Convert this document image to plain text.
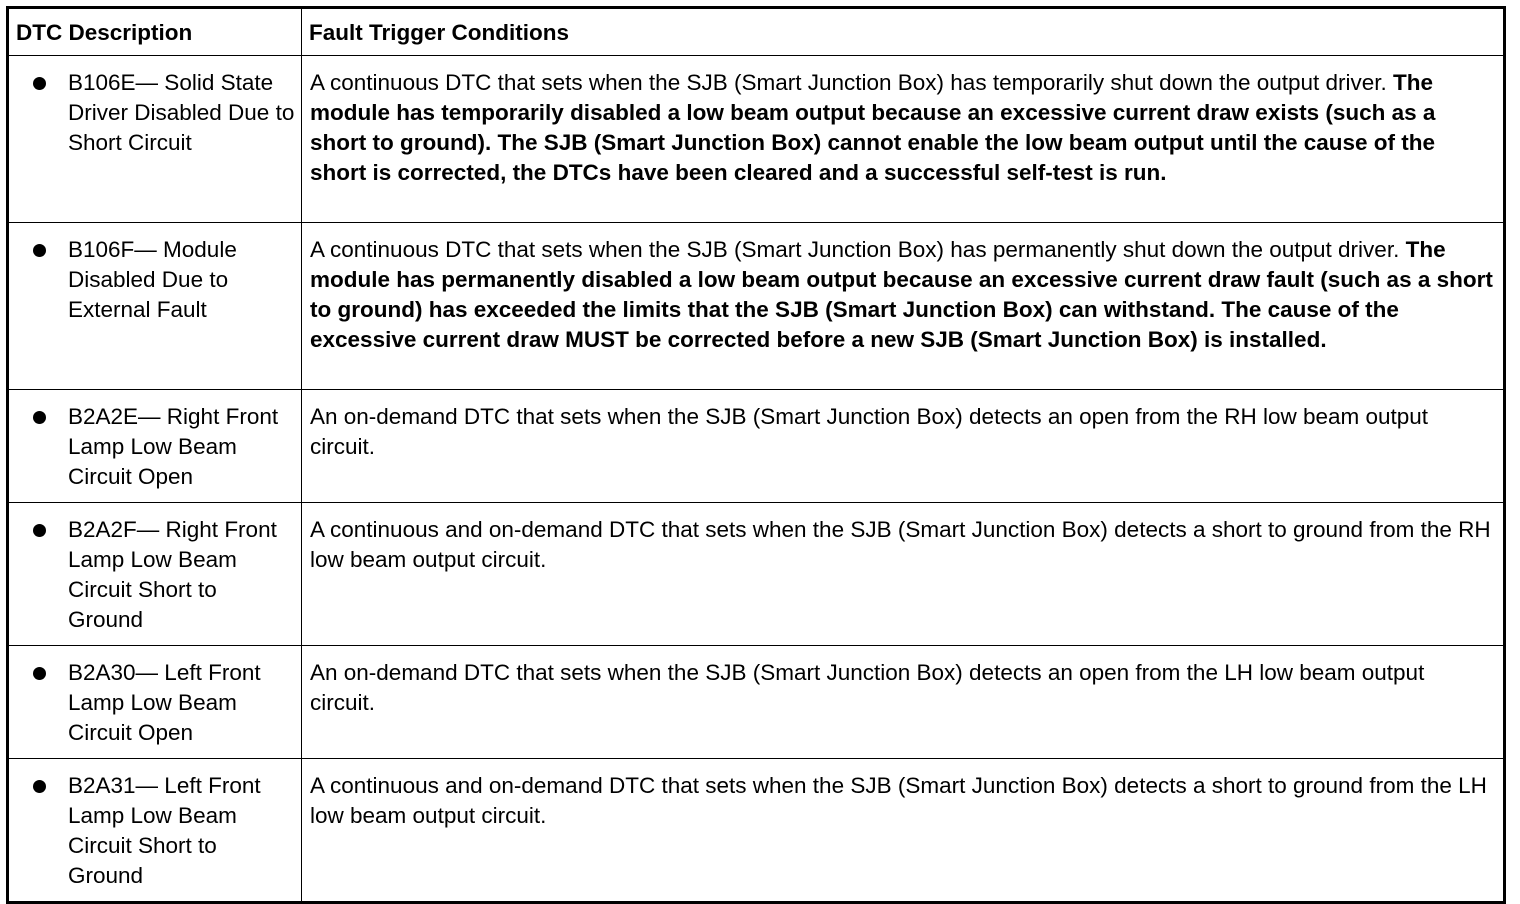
DTC Description	Fault Trigger Conditions

B106E— Solid State Driver Disabled Due to Short Circuit	A continuous DTC that sets when the SJB (Smart Junction Box) has temporarily shut down the output driver. The module has temporarily disabled a low beam output because an excessive current draw exists (such as a short to ground). The SJB (Smart Junction Box) cannot enable the low beam output until the cause of the short is corrected, the DTCs have been cleared and a successful self-test is run.

B106F— Module Disabled Due to External Fault	A continuous DTC that sets when the SJB (Smart Junction Box) has permanently shut down the output driver. The module has permanently disabled a low beam output because an excessive current draw fault (such as a short to ground) has exceeded the limits that the SJB (Smart Junction Box) can withstand. The cause of the excessive current draw MUST be corrected before a new SJB (Smart Junction Box) is installed.

B2A2E— Right Front Lamp Low Beam Circuit Open	An on-demand DTC that sets when the SJB (Smart Junction Box) detects an open from the RH low beam output circuit.

B2A2F— Right Front Lamp Low Beam Circuit Short to Ground	A continuous and on-demand DTC that sets when the SJB (Smart Junction Box) detects a short to ground from the RH low beam output circuit.

B2A30— Left Front Lamp Low Beam Circuit Open	An on-demand DTC that sets when the SJB (Smart Junction Box) detects an open from the LH low beam output circuit.

B2A31— Left Front Lamp Low Beam Circuit Short to Ground	A continuous and on-demand DTC that sets when the SJB (Smart Junction Box) detects a short to ground from the LH low beam output circuit.
